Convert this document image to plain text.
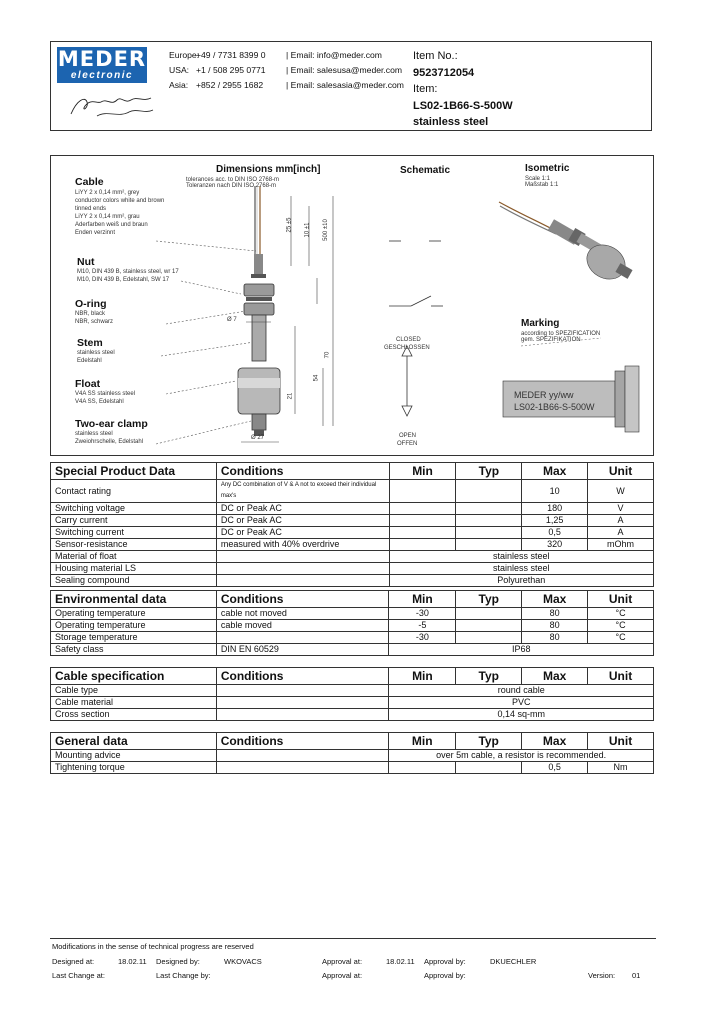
MEDER
electronic
Europe:
+49 / 7731 8399 0	| Email: info@meder.com
USA: +1 / 508 295 0771	| Email: salesusa@meder.com
Asia: +852 / 2955 1682	| Email: salesasia@meder.com
Item No.:
9523712054
Item:
LS02-1B66-S-500W
stainless steel
Dimensions mm[inch]
tolerances acc. to DIN ISO 2768-m
Toleranzen nach DIN ISO 2768-m
Schematic	Isometric
Scale 1:1
Maßstab 1:1
Marking
according to SPEZIFICATION
gem. SPEZIFIKATION
MEDER yy/ww
LS02-1B66-S-500W
Cable
LiYY 2 x 0,14 mm², grey
conductor colors white and brown
tinned ends
LiYY 2 x 0,14 mm², grau
Aderfarben weiß und braun
Enden verzinnt
Nut
M10, DIN 439 B, stainless steel, wr 17
M10, DIN 439 B, Edelstahl, SW 17
O-ring
NBR, black
NBR, schwarz
Stem
stainless steel
Edelstahl
Float
V4A SS stainless steel
V4A SS, Edelstahl
Two-ear clamp
stainless steel
Zweiohrschelle, Edelstahl
CLOSED
GESCHLOSSEN
OPEN
OFFEN
500 ±10
25 ±5 10 ±1
70
54
21
Ø 7
Ø 27
Special Product Data	Conditions	Min	Typ	Max	Unit
Contact rating	Any DC combination of V & A not to exceed their individual max's			10	W
Switching voltage	DC or Peak AC			180	V
Carry current	DC or Peak AC			1,25	A
Switching current	DC or Peak AC			0,5	A
Sensor-resistance	measured with 40% overdrive			320	mOhm
Material of float		stainless steel			
Housing material LS		stainless steel			
Sealing compound		Polyurethan			
Environmental data	Conditions	Min	Typ	Max	Unit
Operating temperature	cable not moved	-30		80	°C
Operating temperature	cable moved	-5		80	°C
Storage temperature		-30		80	°C
Safety class	DIN EN 60529	IP68			
Cable specification	Conditions	Min	Typ	Max	Unit
Cable type		round cable			
Cable material		PVC			
Cross section		0,14 sq-mm			
General data	Conditions	Min	Typ	Max	Unit
Mounting advice		over 5m cable, a resistor is recommended.			
Tightening torque				0,5	Nm
Modifications in the sense of technical progress are reserved
Designed at:	18.02.11 Designed by:	WKOVACS	Approval at:	18.02.11 Approval by:	DKUECHLER
Last Change at:	Last Change by:	Approval at:	Approval by:	Version: 01
